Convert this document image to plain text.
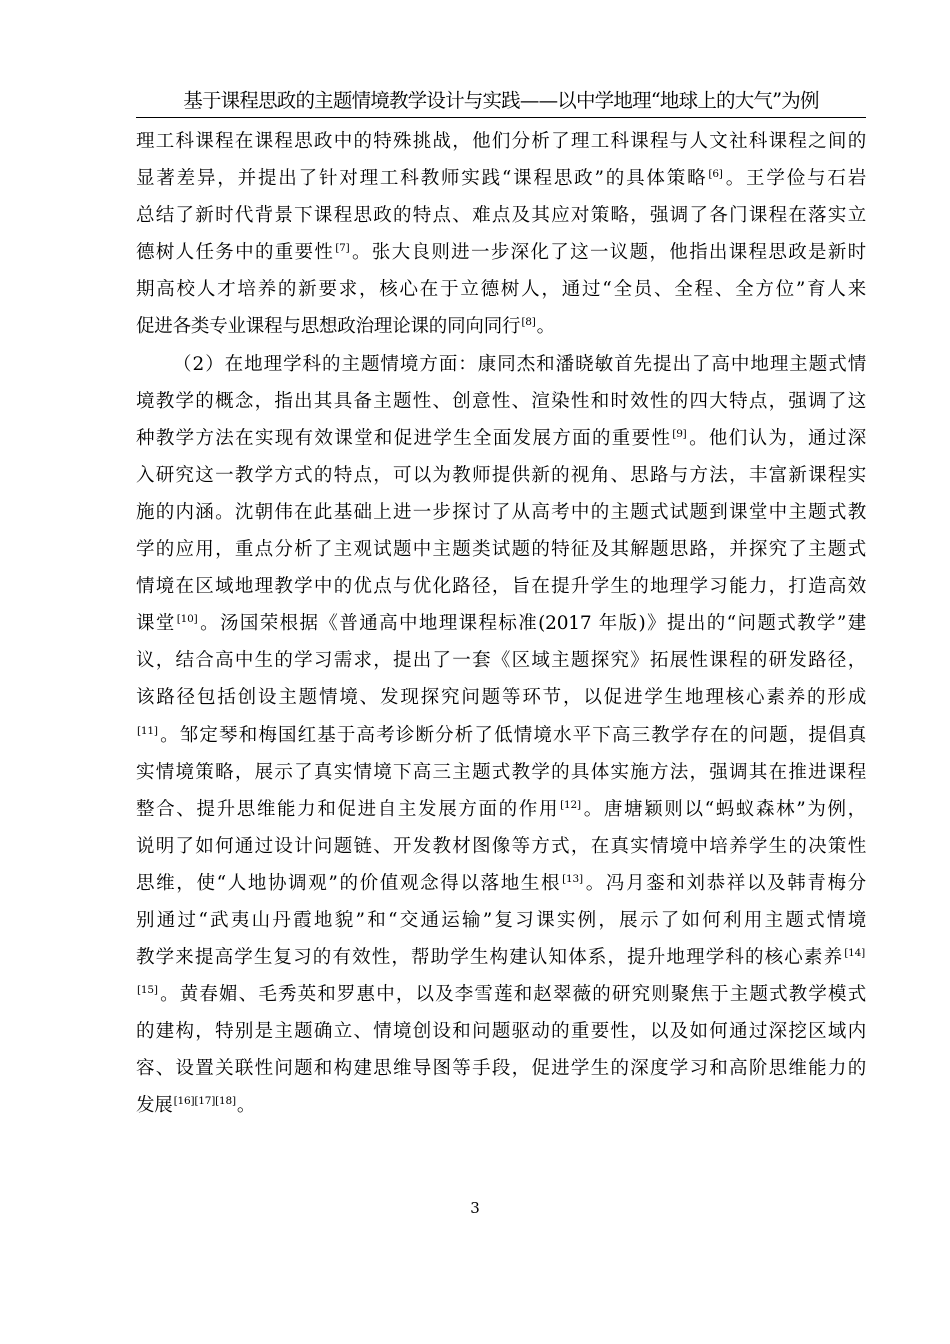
基于课程思政的主题情境教学设计与实践——以中学地理“地球上的大气”为例
理工科课程在课程思政中的特殊挑战，他们分析了理工科课程与人文社科课程之间的
显著差异，并提出了针对理工科教师实践“课程思政”的具体策略[6]。王学俭与石岩
总结了新时代背景下课程思政的特点、难点及其应对策略，强调了各门课程在落实立
德树人任务中的重要性[7]。张大良则进一步深化了这一议题，他指出课程思政是新时
期高校人才培养的新要求，核心在于立德树人，通过“全员、全程、全方位”育人来
促进各类专业课程与思想政治理论课的同向同行[8]。
（2）在地理学科的主题情境方面：康同杰和潘晓敏首先提出了高中地理主题式情
境教学的概念，指出其具备主题性、创意性、渲染性和时效性的四大特点，强调了这
种教学方法在实现有效课堂和促进学生全面发展方面的重要性[9]。他们认为，通过深
入研究这一教学方式的特点，可以为教师提供新的视角、思路与方法，丰富新课程实
施的内涵。沈朝伟在此基础上进一步探讨了从高考中的主题式试题到课堂中主题式教
学的应用，重点分析了主观试题中主题类试题的特征及其解题思路，并探究了主题式
情境在区域地理教学中的优点与优化路径，旨在提升学生的地理学习能力，打造高效
课堂[10]。汤国荣根据《普通高中地理课程标准(2017 年版)》提出的“问题式教学”建
议，结合高中生的学习需求，提出了一套《区域主题探究》拓展性课程的研发路径，
该路径包括创设主题情境、发现探究问题等环节，以促进学生地理核心素养的形成
[11]。邹定琴和梅国红基于高考诊断分析了低情境水平下高三教学存在的问题，提倡真
实情境策略，展示了真实情境下高三主题式教学的具体实施方法，强调其在推进课程
整合、提升思维能力和促进自主发展方面的作用[12]。唐塘颖则以“蚂蚁森林”为例，
说明了如何通过设计问题链、开发教材图像等方式，在真实情境中培养学生的决策性
思维，使“人地协调观”的价值观念得以落地生根[13]。冯月銮和刘恭祥以及韩青梅分
别通过“武夷山丹霞地貌”和“交通运输”复习课实例，展示了如何利用主题式情境
教学来提高学生复习的有效性，帮助学生构建认知体系，提升地理学科的核心素养[14]
[15]。黄春媚、毛秀英和罗惠中，以及李雪莲和赵翠薇的研究则聚焦于主题式教学模式
的建构，特别是主题确立、情境创设和问题驱动的重要性，以及如何通过深挖区域内
容、设置关联性问题和构建思维导图等手段，促进学生的深度学习和高阶思维能力的
发展[16][17][18]。
3
